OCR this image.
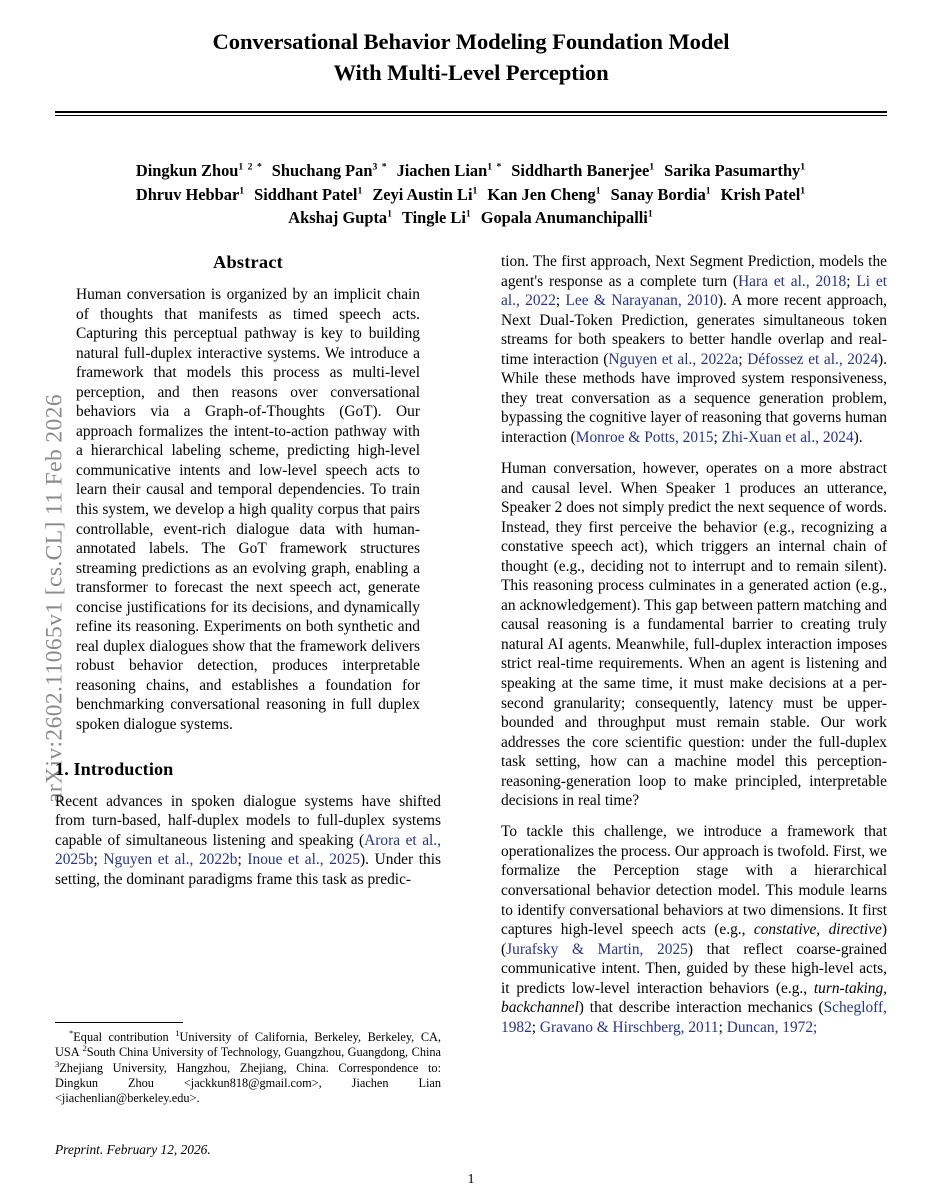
arXiv:2602.11065v1 [cs.CL] 11 Feb 2026
Conversational Behavior Modeling Foundation Model
With Multi-Level Perception
Dingkun Zhou$^{1 2 *}$ Shuchang Pan$^{3 *}$ Jiachen Lian$^{1 *}$ Siddharth Banerjee$^1$ Sarika Pasumarthy$^1$
Dhruv Hebbar$^1$ Siddhant Patel$^1$ Zeyi Austin Li$^1$ Kan Jen Cheng$^1$ Sanay Bordia$^1$ Krish Patel$^1$
Akshaj Gupta$^1$ Tingle Li$^1$ Gopala Anumanchipalli$^1$
Abstract

Human conversation is organized by an implicit chain of thoughts that manifests as timed speech acts. Capturing this perceptual pathway is key to building natural full-duplex interactive systems. We introduce a framework that models this process as multi-level perception, and then reasons over conversational behaviors via a Graph-of-Thoughts (GoT). Our approach formalizes the intent-to-action pathway with a hierarchical labeling scheme, predicting high-level communicative intents and low-level speech acts to learn their causal and temporal dependencies. To train this system, we develop a high quality corpus that pairs controllable, event-rich dialogue data with human-annotated labels. The GoT framework structures streaming predictions as an evolving graph, enabling a transformer to forecast the next speech act, generate concise justifications for its decisions, and dynamically refine its reasoning. Experiments on both synthetic and real duplex dialogues show that the framework delivers robust behavior detection, produces interpretable reasoning chains, and establishes a foundation for benchmarking conversational reasoning in full duplex spoken dialogue systems.

1. Introduction

Recent advances in spoken dialogue systems have shifted from turn-based, half-duplex models to full-duplex systems capable of simultaneous listening and speaking (Arora et al., 2025b; Nguyen et al., 2022b; Inoue et al., 2025). Under this setting, the dominant paradigms frame this task as predic-

tion. The first approach, Next Segment Prediction, models the agent's response as a complete turn (Hara et al., 2018; Li et al., 2022; Lee & Narayanan, 2010). A more recent approach, Next Dual-Token Prediction, generates simultaneous token streams for both speakers to better handle overlap and real-time interaction (Nguyen et al., 2022a; Défossez et al., 2024). While these methods have improved system responsiveness, they treat conversation as a sequence generation problem, bypassing the cognitive layer of reasoning that governs human interaction (Monroe & Potts, 2015; Zhi-Xuan et al., 2024).

Human conversation, however, operates on a more abstract and causal level. When Speaker 1 produces an utterance, Speaker 2 does not simply predict the next sequence of words. Instead, they first perceive the behavior (e.g., recognizing a constative speech act), which triggers an internal chain of thought (e.g., deciding not to interrupt and to remain silent). This reasoning process culminates in a generated action (e.g., an acknowledgement). This gap between pattern matching and causal reasoning is a fundamental barrier to creating truly natural AI agents. Meanwhile, full-duplex interaction imposes strict real-time requirements. When an agent is listening and speaking at the same time, it must make decisions at a per-second granularity; consequently, latency must be upper-bounded and throughput must remain stable. Our work addresses the core scientific question: under the full-duplex task setting, how can a machine model this perception-reasoning-generation loop to make principled, interpretable decisions in real time?

To tackle this challenge, we introduce a framework that operationalizes the process. Our approach is twofold. First, we formalize the Perception stage with a hierarchical conversational behavior detection model. This module learns to identify conversational behaviors at two dimensions. It first captures high-level speech acts (e.g., constative, directive) (Jurafsky & Martin, 2025) that reflect coarse-grained communicative intent. Then, guided by these high-level acts, it predicts low-level interaction behaviors (e.g., turn-taking, backchannel) that describe interaction mechanics (Schegloff, 1982; Gravano & Hirschberg, 2011; Duncan, 1972;

*Equal contribution $^1$University of California, Berkeley, Berkeley, CA, USA $^2$South China University of Technology, Guangzhou, Guangdong, China $^3$Zhejiang University, Hangzhou, Zhejiang, China. Correspondence to: Dingkun Zhou <jackkun818@gmail.com>, Jiachen Lian <jiachenlian@berkeley.edu>.

Preprint. February 12, 2026.
1
